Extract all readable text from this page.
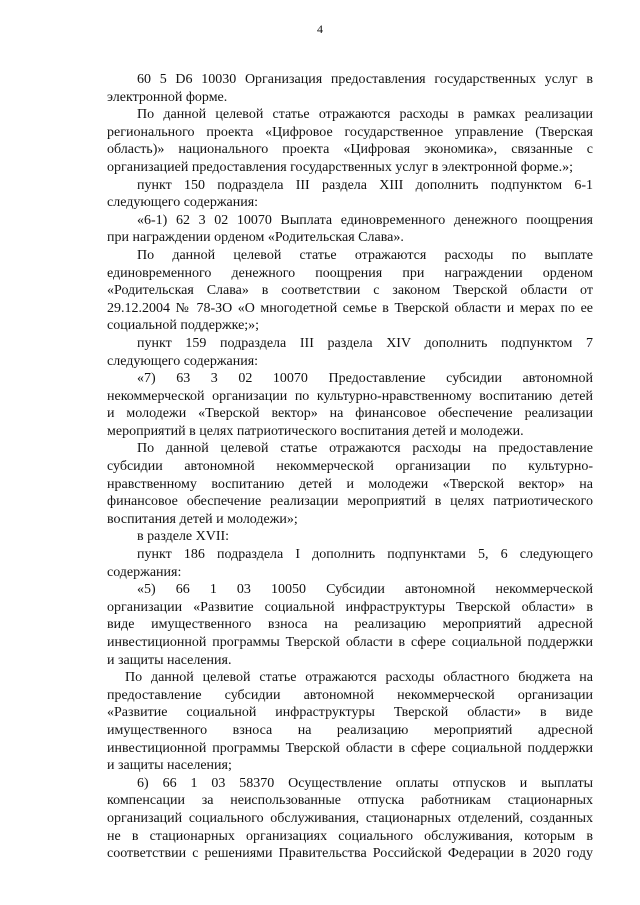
4
60 5 D6 10030 Организация предоставления государственных услуг в
электронной форме.
По данной целевой статье отражаются расходы в рамках реализации
регионального проекта «Цифровое государственное управление (Тверская
область)» национального проекта «Цифровая экономика», связанные с
организацией предоставления государственных услуг в электронной форме.»;
пункт 150 подраздела III раздела XIII дополнить подпунктом 6-1
следующего содержания:
«6-1) 62 3 02 10070 Выплата единовременного денежного поощрения
при награждении орденом «Родительская Слава».
По данной целевой статье отражаются расходы по выплате
единовременного денежного поощрения при награждении орденом
«Родительская Слава» в соответствии с законом Тверской области от
29.12.2004 № 78-ЗО «О многодетной семье в Тверской области и мерах по ее
социальной поддержке;»;
пункт 159 подраздела III раздела XIV дополнить подпунктом 7
следующего содержания:
«7) 63 3 02 10070 Предоставление субсидии автономной
некоммерческой организации по культурно-нравственному воспитанию детей
и молодежи «Тверской вектор» на финансовое обеспечение реализации
мероприятий в целях патриотического воспитания детей и молодежи.
По данной целевой статье отражаются расходы на предоставление
субсидии автономной некоммерческой организации по культурно-
нравственному воспитанию детей и молодежи «Тверской вектор» на
финансовое обеспечение реализации мероприятий в целях патриотического
воспитания детей и молодежи»;
в разделе XVII:
пункт 186 подраздела I дополнить подпунктами 5, 6 следующего
содержания:
«5) 66 1 03 10050 Субсидии автономной некоммерческой
организации «Развитие социальной инфраструктуры Тверской области» в
виде имущественного взноса на реализацию мероприятий адресной
инвестиционной программы Тверской области в сфере социальной поддержки
и защиты населения.
По данной целевой статье отражаются расходы областного бюджета на
предоставление субсидии автономной некоммерческой организации
«Развитие социальной инфраструктуры Тверской области» в виде
имущественного взноса на реализацию мероприятий адресной
инвестиционной программы Тверской области в сфере социальной поддержки
и защиты населения;
6) 66 1 03 58370 Осуществление оплаты отпусков и выплаты
компенсации за неиспользованные отпуска работникам стационарных
организаций социального обслуживания, стационарных отделений, созданных
не в стационарных организациях социального обслуживания, которым в
соответствии с решениями Правительства Российской Федерации в 2020 году
